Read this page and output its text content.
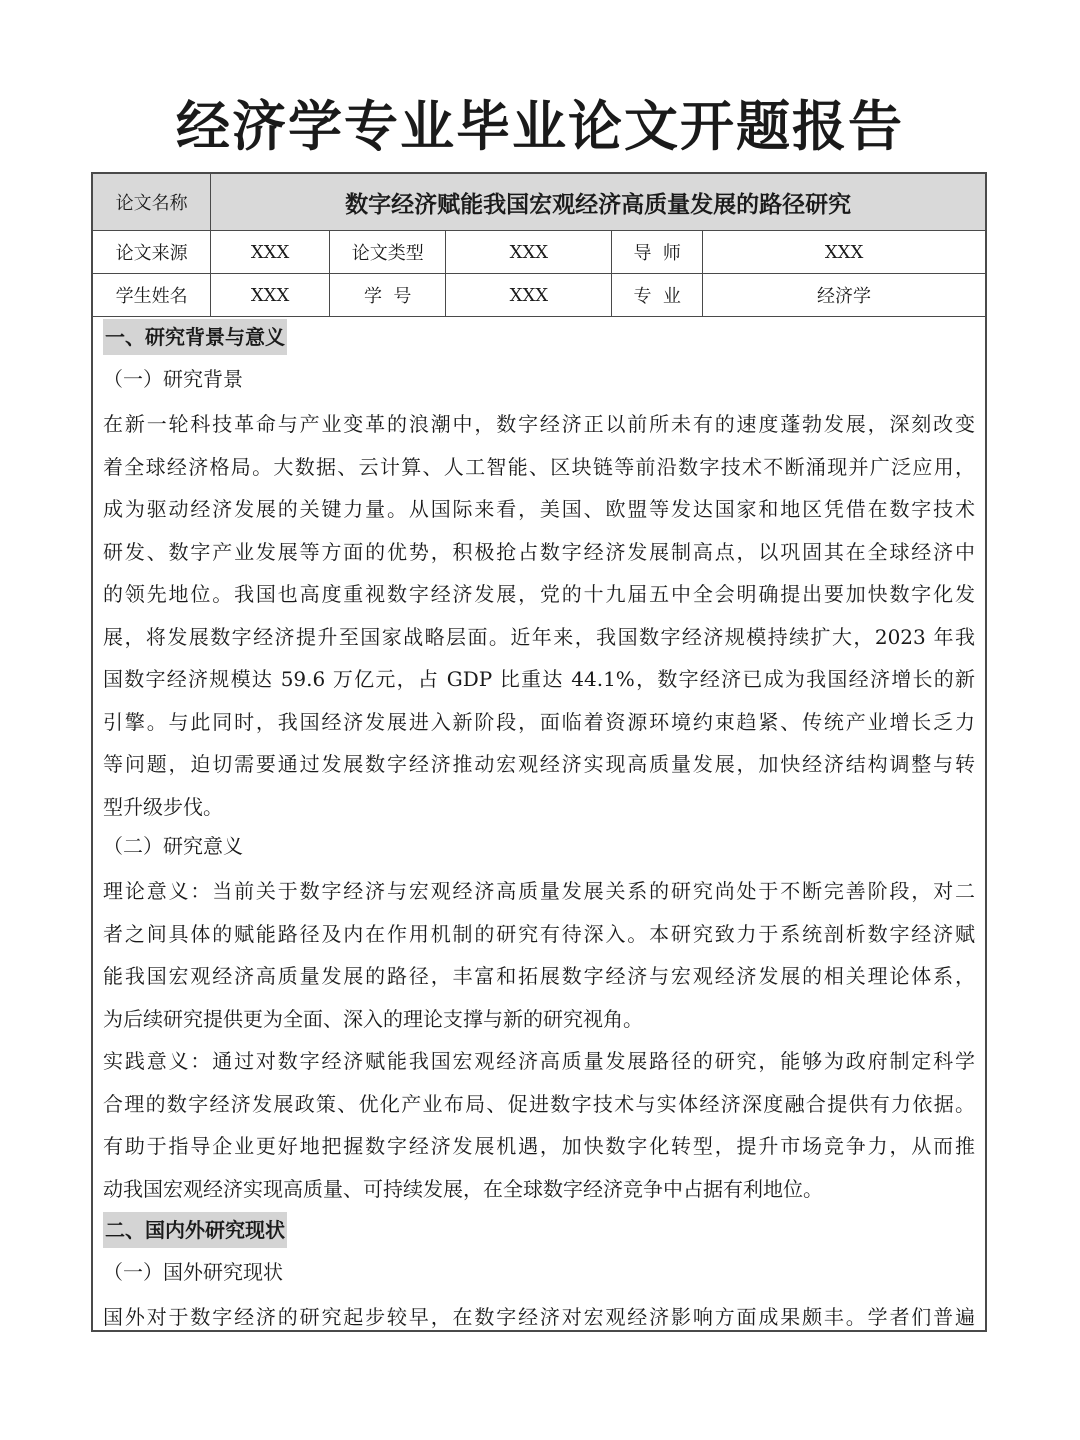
经济学专业毕业论文开题报告
论文名称	数字经济赋能我国宏观经济高质量发展的路径研究				
论文来源	XXX	论文类型	XXX	导  师	XXX
学生姓名	XXX	学  号	XXX	专  业	经济学
一、研究背景与意义
（一）研究背景
在新一轮科技革命与产业变革的浪潮中，数字经济正以前所未有的速度蓬勃发展，深刻改变
着全球经济格局。大数据、云计算、人工智能、区块链等前沿数字技术不断涌现并广泛应用，
成为驱动经济发展的关键力量。从国际来看，美国、欧盟等发达国家和地区凭借在数字技术
研发、数字产业发展等方面的优势，积极抢占数字经济发展制高点，以巩固其在全球经济中
的领先地位。我国也高度重视数字经济发展，党的十九届五中全会明确提出要加快数字化发
展，将发展数字经济提升至国家战略层面。近年来，我国数字经济规模持续扩大，2023 年我
国数字经济规模达 59.6 万亿元，占 GDP 比重达 44.1%，数字经济已成为我国经济增长的新
引擎。与此同时，我国经济发展进入新阶段，面临着资源环境约束趋紧、传统产业增长乏力
等问题，迫切需要通过发展数字经济推动宏观经济实现高质量发展，加快经济结构调整与转
型升级步伐。
（二）研究意义
理论意义：当前关于数字经济与宏观经济高质量发展关系的研究尚处于不断完善阶段，对二
者之间具体的赋能路径及内在作用机制的研究有待深入。本研究致力于系统剖析数字经济赋
能我国宏观经济高质量发展的路径，丰富和拓展数字经济与宏观经济发展的相关理论体系，
为后续研究提供更为全面、深入的理论支撑与新的研究视角。
实践意义：通过对数字经济赋能我国宏观经济高质量发展路径的研究，能够为政府制定科学
合理的数字经济发展政策、优化产业布局、促进数字技术与实体经济深度融合提供有力依据。
有助于指导企业更好地把握数字经济发展机遇，加快数字化转型，提升市场竞争力，从而推
动我国宏观经济实现高质量、可持续发展，在全球数字经济竞争中占据有利地位。
二、国内外研究现状
（一）国外研究现状
国外对于数字经济的研究起步较早，在数字经济对宏观经济影响方面成果颇丰。学者们普遍
